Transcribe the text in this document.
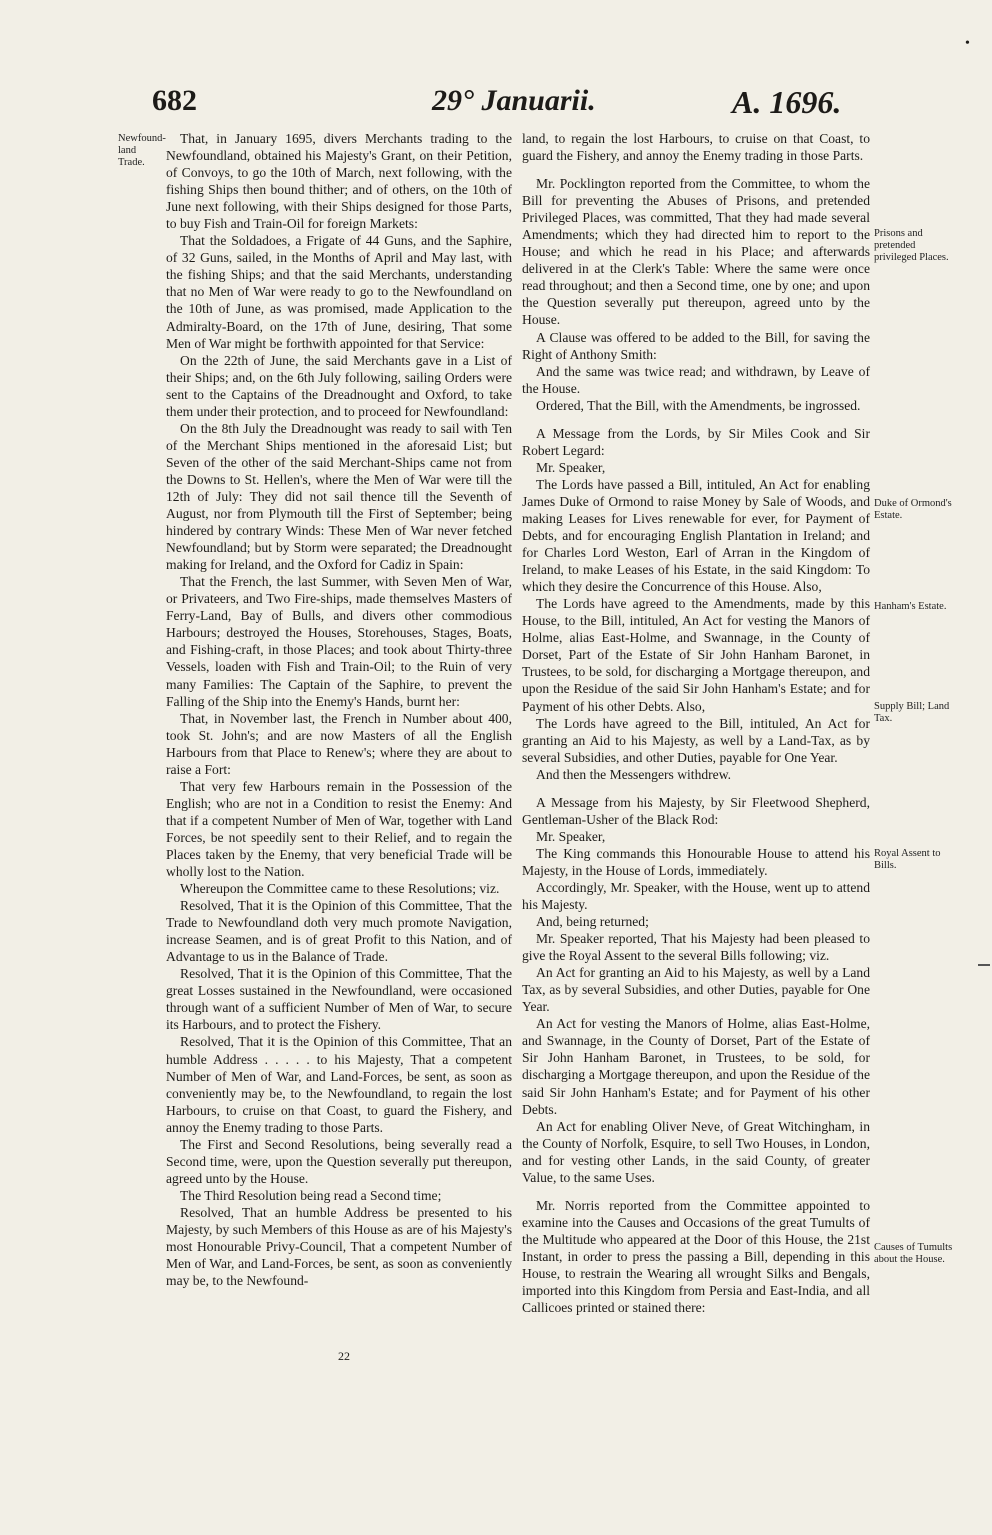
•
682	29° Januarii.	A. 1696.
Newfound-land Trade.
Prisons and pretended privileged Places.
Duke of Ormond's Estate.
Hanham's Estate.
Supply Bill; Land Tax.
Royal Assent to Bills.
Causes of Tumults about the House.

That, in January 1695, divers Merchants trading to the Newfoundland, obtained his Majesty's Grant, on their Petition, of Convoys, to go the 10th of March, next following, with the fishing Ships then bound thither; and of others, on the 10th of June next following, with their Ships designed for those Parts, to buy Fish and Train-Oil for foreign Markets:

That the Soldadoes, a Frigate of 44 Guns, and the Saphire, of 32 Guns, sailed, in the Months of April and May last, with the fishing Ships; and that the said Merchants, understanding that no Men of War were ready to go to the Newfoundland on the 10th of June, as was promised, made Application to the Admiralty-Board, on the 17th of June, desiring, That some Men of War might be forthwith appointed for that Service:

On the 22th of June, the said Merchants gave in a List of their Ships; and, on the 6th July following, sailing Orders were sent to the Captains of the Dreadnought and Oxford, to take them under their protection, and to proceed for Newfoundland:

On the 8th July the Dreadnought was ready to sail with Ten of the Merchant Ships mentioned in the aforesaid List; but Seven of the other of the said Merchant-Ships came not from the Downs to St. Hellen's, where the Men of War were till the 12th of July: They did not sail thence till the Seventh of August, nor from Plymouth till the First of September; being hindered by contrary Winds: These Men of War never fetched Newfoundland; but by Storm were separated; the Dreadnought making for Ireland, and the Oxford for Cadiz in Spain:

That the French, the last Summer, with Seven Men of War, or Privateers, and Two Fire-ships, made themselves Masters of Ferry-Land, Bay of Bulls, and divers other commodious Harbours; destroyed the Houses, Storehouses, Stages, Boats, and Fishing-craft, in those Places; and took about Thirty-three Vessels, loaden with Fish and Train-Oil; to the Ruin of very many Families: The Captain of the Saphire, to prevent the Falling of the Ship into the Enemy's Hands, burnt her:

That, in November last, the French in Number about 400, took St. John's; and are now Masters of all the English Harbours from that Place to Renew's; where they are about to raise a Fort:

That very few Harbours remain in the Possession of the English; who are not in a Condition to resist the Enemy: And that if a competent Number of Men of War, together with Land Forces, be not speedily sent to their Relief, and to regain the Places taken by the Enemy, that very beneficial Trade will be wholly lost to the Nation.

Whereupon the Committee came to these Resolutions; viz.

Resolved, That it is the Opinion of this Committee, That the Trade to Newfoundland doth very much promote Navigation, increase Seamen, and is of great Profit to this Nation, and of Advantage to us in the Balance of Trade.

Resolved, That it is the Opinion of this Committee, That the great Losses sustained in the Newfoundland, were occasioned through want of a sufficient Number of Men of War, to secure its Harbours, and to protect the Fishery.

Resolved, That it is the Opinion of this Committee, That an humble Address . . . . . to his Majesty, That a competent Number of Men of War, and Land-Forces, be sent, as soon as conveniently may be, to the Newfoundland, to regain the lost Harbours, to cruise on that Coast, to guard the Fishery, and annoy the Enemy trading to those Parts.

The First and Second Resolutions, being severally read a Second time, were, upon the Question severally put thereupon, agreed unto by the House.

The Third Resolution being read a Second time;

Resolved, That an humble Address be presented to his Majesty, by such Members of this House as are of his Majesty's most Honourable Privy-Council, That a competent Number of Men of War, and Land-Forces, be sent, as soon as conveniently may be, to the Newfound-

land, to regain the lost Harbours, to cruise on that Coast, to guard the Fishery, and annoy the Enemy trading in those Parts.

Mr. Pocklington reported from the Committee, to whom the Bill for preventing the Abuses of Prisons, and pretended Privileged Places, was committed, That they had made several Amendments; which they had directed him to report to the House; and which he read in his Place; and afterwards delivered in at the Clerk's Table: Where the same were once read throughout; and then a Second time, one by one; and upon the Question severally put thereupon, agreed unto by the House.

A Clause was offered to be added to the Bill, for saving the Right of Anthony Smith:

And the same was twice read; and withdrawn, by Leave of the House.

Ordered, That the Bill, with the Amendments, be ingrossed.

A Message from the Lords, by Sir Miles Cook and Sir Robert Legard:

Mr. Speaker,

The Lords have passed a Bill, intituled, An Act for enabling James Duke of Ormond to raise Money by Sale of Woods, and making Leases for Lives renewable for ever, for Payment of Debts, and for encouraging English Plantation in Ireland; and for Charles Lord Weston, Earl of Arran in the Kingdom of Ireland, to make Leases of his Estate, in the said Kingdom: To which they desire the Concurrence of this House. Also,

The Lords have agreed to the Amendments, made by this House, to the Bill, intituled, An Act for vesting the Manors of Holme, alias East-Holme, and Swannage, in the County of Dorset, Part of the Estate of Sir John Hanham Baronet, in Trustees, to be sold, for discharging a Mortgage thereupon, and upon the Residue of the said Sir John Hanham's Estate; and for Payment of his other Debts. Also,

The Lords have agreed to the Bill, intituled, An Act for granting an Aid to his Majesty, as well by a Land-Tax, as by several Subsidies, and other Duties, payable for One Year.

And then the Messengers withdrew.

A Message from his Majesty, by Sir Fleetwood Shepherd, Gentleman-Usher of the Black Rod:

Mr. Speaker,

The King commands this Honourable House to attend his Majesty, in the House of Lords, immediately.

Accordingly, Mr. Speaker, with the House, went up to attend his Majesty.

And, being returned;

Mr. Speaker reported, That his Majesty had been pleased to give the Royal Assent to the several Bills following; viz.

An Act for granting an Aid to his Majesty, as well by a Land Tax, as by several Subsidies, and other Duties, payable for One Year.

An Act for vesting the Manors of Holme, alias East-Holme, and Swannage, in the County of Dorset, Part of the Estate of Sir John Hanham Baronet, in Trustees, to be sold, for discharging a Mortgage thereupon, and upon the Residue of the said Sir John Hanham's Estate; and for Payment of his other Debts.

An Act for enabling Oliver Neve, of Great Witchingham, in the County of Norfolk, Esquire, to sell Two Houses, in London, and for vesting other Lands, in the said County, of greater Value, to the same Uses.

Mr. Norris reported from the Committee appointed to examine into the Causes and Occasions of the great Tumults of the Multitude who appeared at the Door of this House, the 21st Instant, in order to press the passing a Bill, depending in this House, to restrain the Wearing all wrought Silks and Bengals, imported into this Kingdom from Persia and East-India, and all Callicoes printed or stained there:

22
